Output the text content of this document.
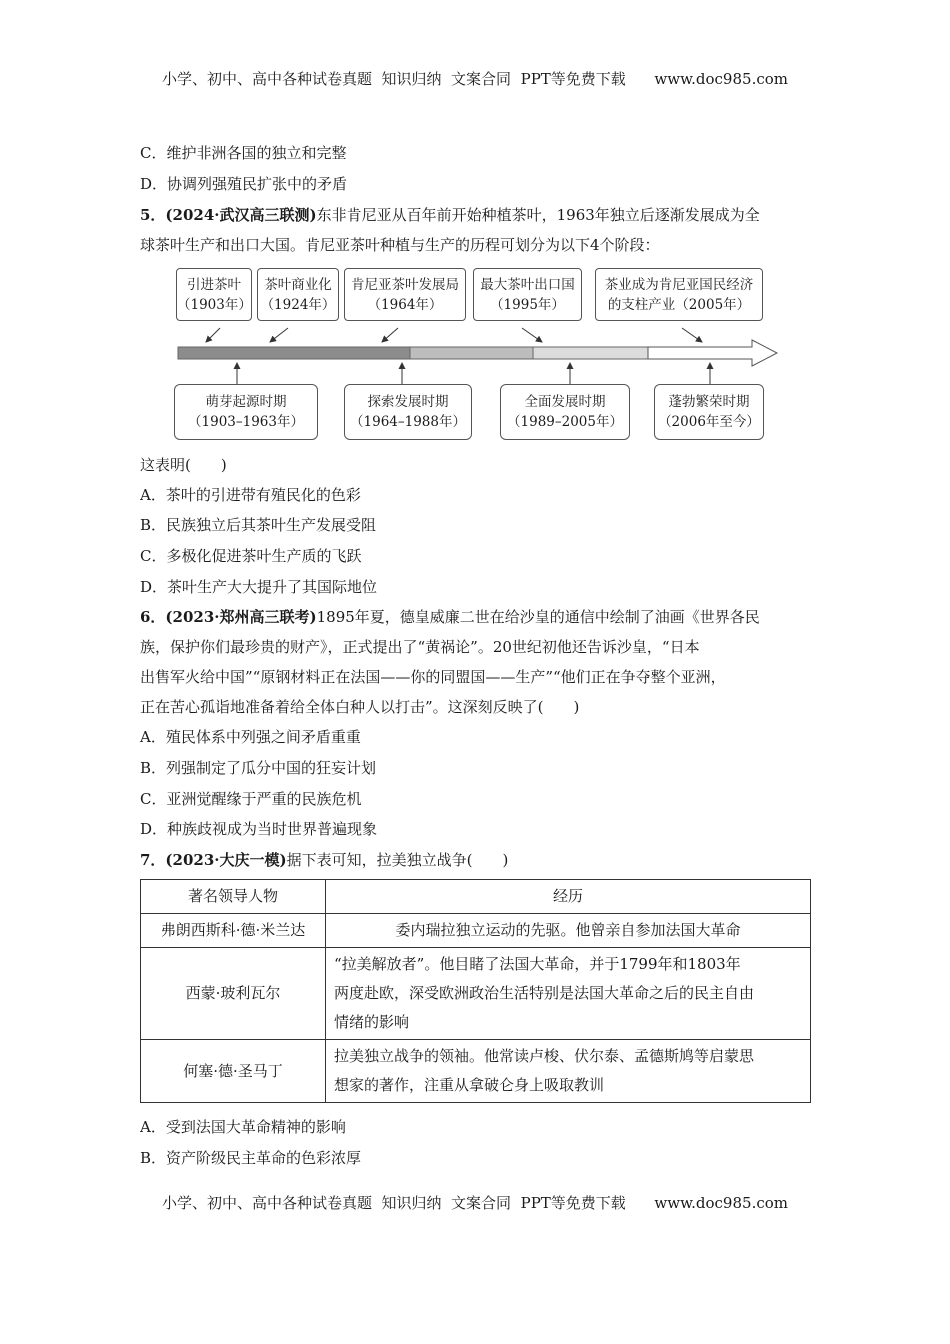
小学、初中、高中各种试卷真题  知识归纳  文案合同  PPT等免费下载      www.doc985.com
C．维护非洲各国的独立和完整
D．协调列强殖民扩张中的矛盾
5．(2024·武汉高三联测)东非肯尼亚从百年前开始种植茶叶，1963年独立后逐渐发展成为全
球茶叶生产和出口大国。肯尼亚茶叶种植与生产的历程可划分为以下4个阶段：
引进茶叶
（1903年）
茶叶商业化
（1924年）
肯尼亚茶叶发展局
（1964年）
最大茶叶出口国
（1995年）
茶业成为肯尼亚国民经济
的支柱产业（2005年）
萌芽起源时期
（1903–1963年）
探索发展时期
（1964–1988年）
全面发展时期
（1989–2005年）
蓬勃繁荣时期
（2006年至今）
这表明(　　)
A．茶叶的引进带有殖民化的色彩
B．民族独立后其茶叶生产发展受阻
C．多极化促进茶叶生产质的飞跃
D．茶叶生产大大提升了其国际地位
6．(2023·郑州高三联考)1895年夏，德皇威廉二世在给沙皇的通信中绘制了油画《世界各民
族，保护你们最珍贵的财产》，正式提出了“黄祸论”。20世纪初他还告诉沙皇，“日本
出售军火给中国”“原钢材料正在法国——你的同盟国——生产”“他们正在争夺整个亚洲，
正在苦心孤诣地准备着给全体白种人以打击”。这深刻反映了(　　)
A．殖民体系中列强之间矛盾重重
B．列强制定了瓜分中国的狂妄计划
C．亚洲觉醒缘于严重的民族危机
D．种族歧视成为当时世界普遍现象
7．(2023·大庆一模)据下表可知，拉美独立战争(　　)
著名领导人物	经历
弗朗西斯科·德·米兰达	委内瑞拉独立运动的先驱。他曾亲自参加法国大革命

西蒙·玻利瓦尔	“拉美解放者”。他目睹了法国大革命，并于1799年和1803年
两度赴欧，深受欧洲政治生活特别是法国大革命之后的民主自由
情绪的影响

何塞·德·圣马丁	拉美独立战争的领袖。他常读卢梭、伏尔泰、孟德斯鸠等启蒙思
想家的著作，注重从拿破仑身上吸取教训
A．受到法国大革命精神的影响
B．资产阶级民主革命的色彩浓厚
小学、初中、高中各种试卷真题  知识归纳  文案合同  PPT等免费下载      www.doc985.com
